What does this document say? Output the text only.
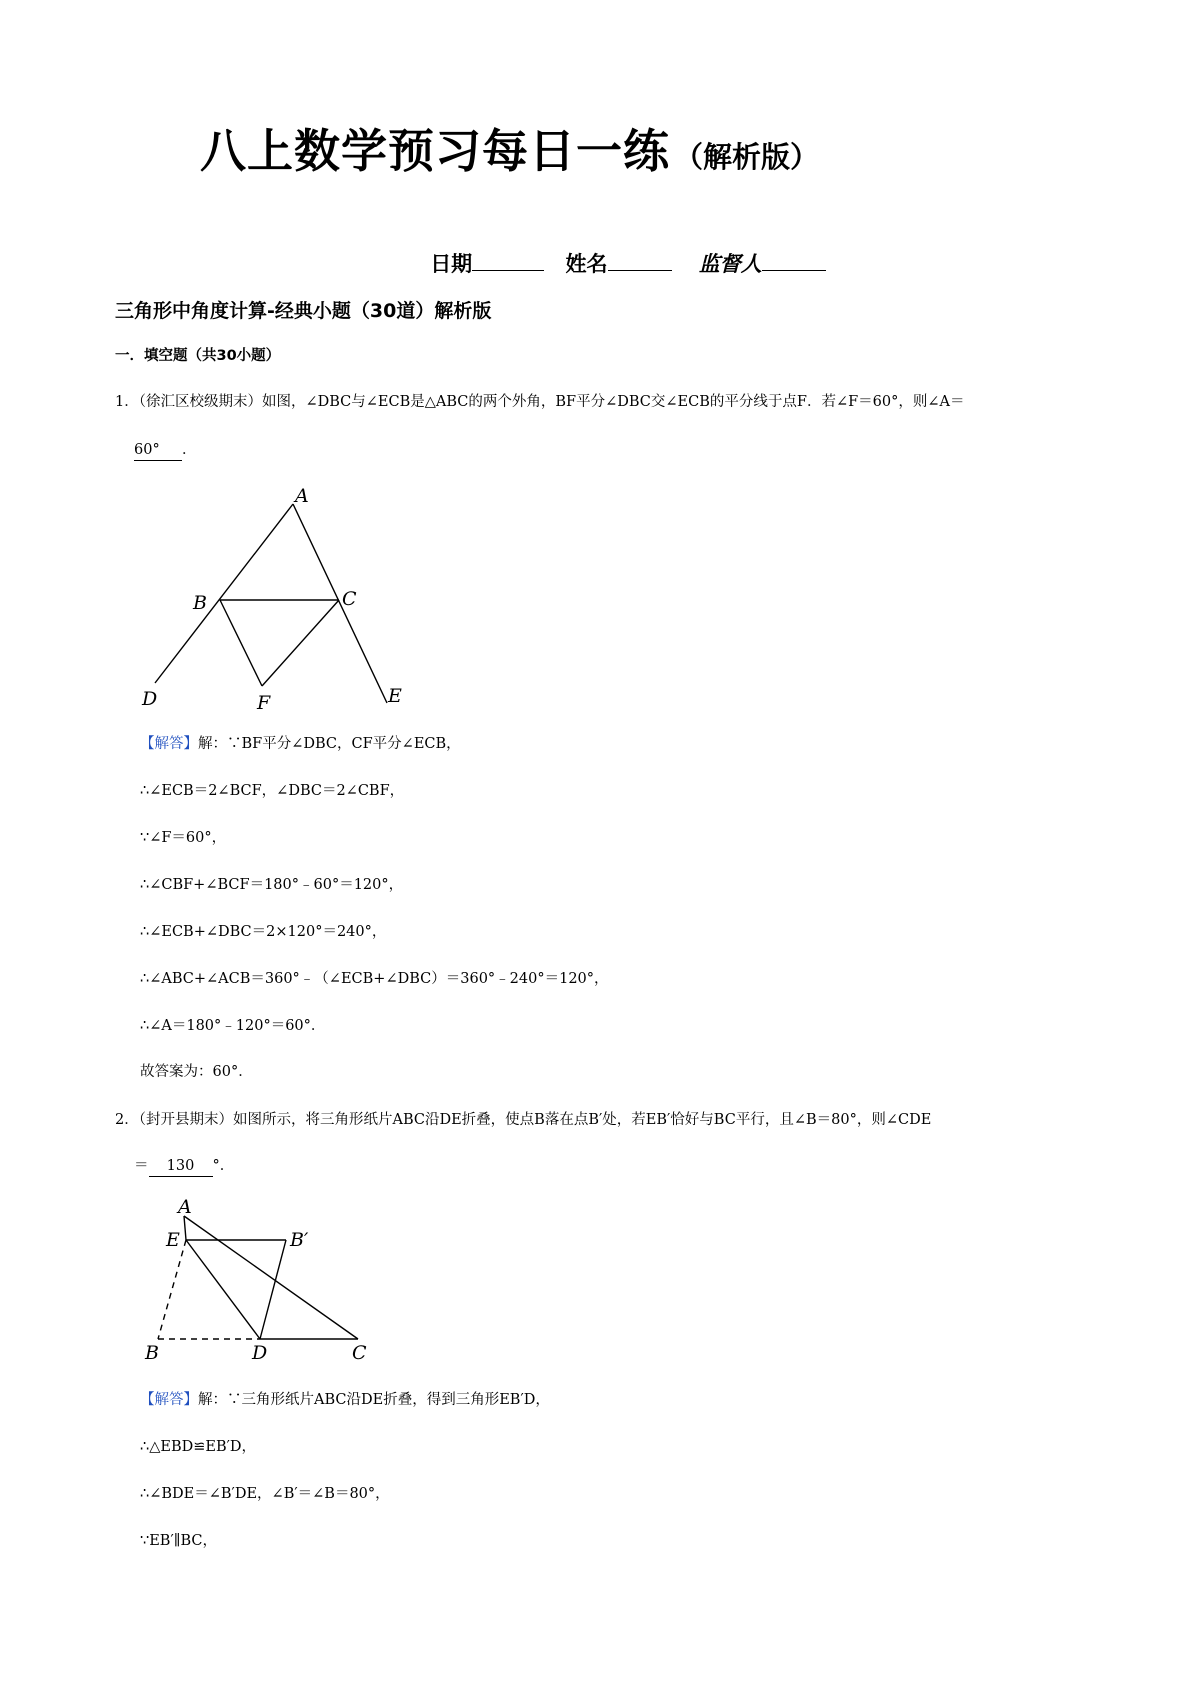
八上数学预习每日一练 （解析版）
日期	姓名	监督人
三角形中角度计算-经典小题（30道）解析版
一．填空题（共30小题）
1．（徐汇区校级期末）如图，∠DBC与∠ECB是△ABC的两个外角，BF平分∠DBC交∠ECB的平分线于点F．若∠F＝60°，则∠A＝
60° ．
A
B	C
D	E
F
【解答】解：∵BF平分∠DBC，CF平分∠ECB，
∴∠ECB＝2∠BCF，∠DBC＝2∠CBF，
∵∠F＝60°，
∴∠CBF+∠BCF＝180°﹣60°＝120°，
∴∠ECB+∠DBC＝2×120°＝240°，
∴∠ABC+∠ACB＝360°﹣（∠ECB+∠DBC）＝360°﹣240°＝120°，
∴∠A＝180°﹣120°＝60°．
故答案为：60°．
2．（封开县期末）如图所示，将三角形纸片ABC沿DE折叠，使点B落在点B′处，若EB′恰好与BC平行，且∠B＝80°，则∠CDE
＝ 130 °．
A
E	B′
B	D	C
【解答】解：∵三角形纸片ABC沿DE折叠，得到三角形EB′D，
∴△EBD≌EB′D，
∴∠BDE＝∠B′DE，∠B′＝∠B＝80°，
∵EB′∥BC，
